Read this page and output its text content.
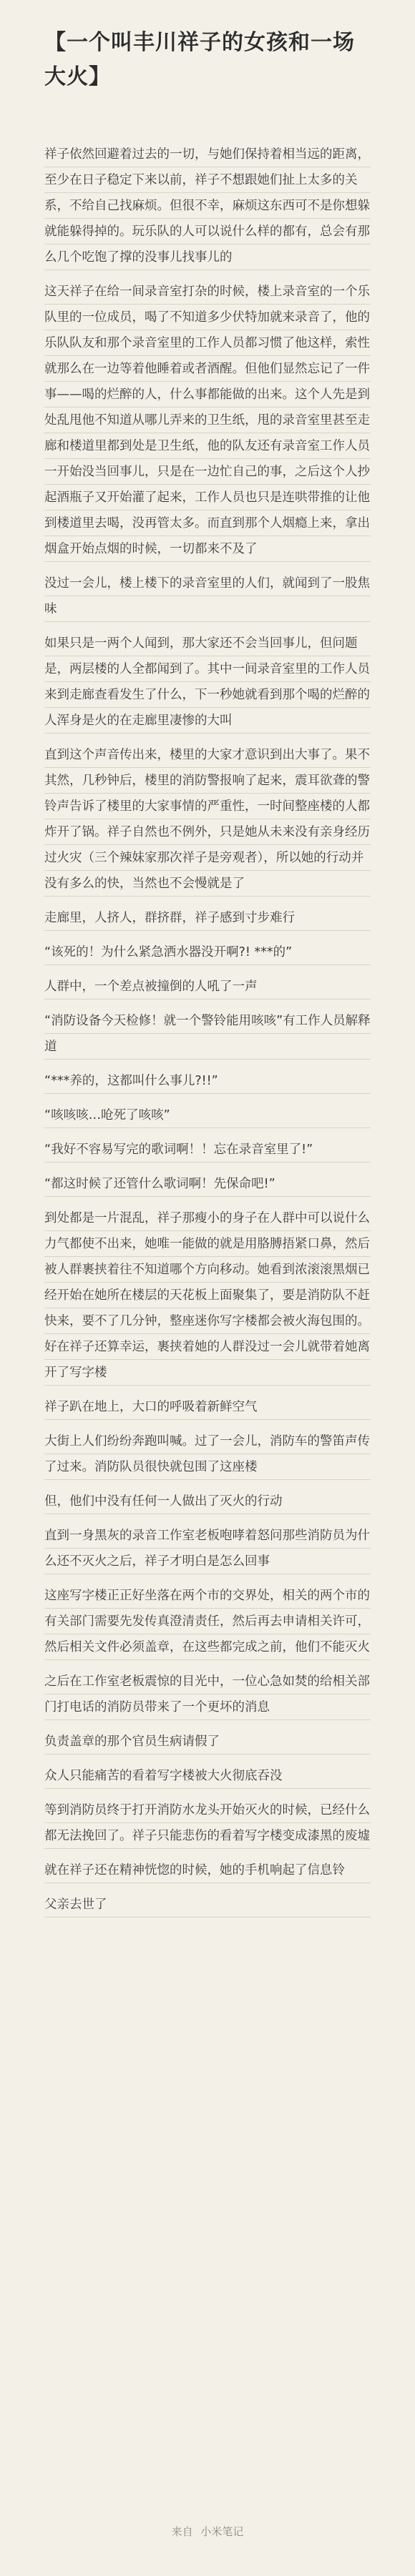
【一个叫丰川祥子的女孩和一场大火】

祥子依然回避着过去的一切，与她们保持着相当远的距离，至少在日子稳定下来以前，祥子不想跟她们扯上太多的关系，不给自己找麻烦。但很不幸，麻烦这东西可不是你想躲就能躲得掉的。玩乐队的人可以说什么样的都有，总会有那么几个吃饱了撑的没事儿找事儿的

这天祥子在给一间录音室打杂的时候，楼上录音室的一个乐队里的一位成员，喝了不知道多少伏特加就来录音了，他的乐队队友和那个录音室里的工作人员都习惯了他这样，索性就那么在一边等着他睡着或者酒醒。但他们显然忘记了一件事——喝的烂醉的人，什么事都能做的出来。这个人先是到处乱甩他不知道从哪儿弄来的卫生纸，甩的录音室里甚至走廊和楼道里都到处是卫生纸，他的队友还有录音室工作人员一开始没当回事儿，只是在一边忙自己的事，之后这个人抄起酒瓶子又开始灌了起来，工作人员也只是连哄带推的让他到楼道里去喝，没再管太多。而直到那个人烟瘾上来，拿出烟盒开始点烟的时候，一切都来不及了

没过一会儿，楼上楼下的录音室里的人们，就闻到了一股焦味

如果只是一两个人闻到，那大家还不会当回事儿，但问题是，两层楼的人全都闻到了。其中一间录音室里的工作人员来到走廊查看发生了什么，下一秒她就看到那个喝的烂醉的人浑身是火的在走廊里凄惨的大叫

直到这个声音传出来，楼里的大家才意识到出大事了。果不其然，几秒钟后，楼里的消防警报响了起来，震耳欲聋的警铃声告诉了楼里的大家事情的严重性，一时间整座楼的人都炸开了锅。祥子自然也不例外，只是她从未来没有亲身经历过火灾（三个辣妹家那次祥子是旁观者），所以她的行动并没有多么的快，当然也不会慢就是了

走廊里，人挤人，群挤群，祥子感到寸步难行

“该死的！为什么紧急洒水器没开啊?! ***的”

人群中，一个差点被撞倒的人吼了一声

“消防设备今天检修！就一个警铃能用咳咳”有工作人员解释道

“***养的，这都叫什么事儿?!!”

“咳咳咳…呛死了咳咳”

“我好不容易写完的歌词啊！！忘在录音室里了!”

“都这时候了还管什么歌词啊！先保命吧!”

到处都是一片混乱，祥子那瘦小的身子在人群中可以说什么力气都使不出来，她唯一能做的就是用胳膊捂紧口鼻，然后被人群裹挟着往不知道哪个方向移动。她看到浓滚滚黑烟已经开始在她所在楼层的天花板上面聚集了，要是消防队不赶快来，要不了几分钟，整座迷你写字楼都会被火海包围的。好在祥子还算幸运，裹挟着她的人群没过一会儿就带着她离开了写字楼

祥子趴在地上，大口的呼吸着新鲜空气

大街上人们纷纷奔跑叫喊。过了一会儿，消防车的警笛声传了过来。消防队员很快就包围了这座楼

但，他们中没有任何一人做出了灭火的行动

直到一身黑灰的录音工作室老板咆哮着怒问那些消防员为什么还不灭火之后，祥子才明白是怎么回事

这座写字楼正正好坐落在两个市的交界处，相关的两个市的有关部门需要先发传真澄清责任，然后再去申请相关许可，然后相关文件必须盖章，在这些都完成之前，他们不能灭火

之后在工作室老板震惊的目光中，一位心急如焚的给相关部门打电话的消防员带来了一个更坏的消息

负责盖章的那个官员生病请假了

众人只能痛苦的看着写字楼被大火彻底吞没

等到消防员终于打开消防水龙头开始灭火的时候，已经什么都无法挽回了。祥子只能悲伤的看着写字楼变成漆黑的废墟

就在祥子还在精神恍惚的时候，她的手机响起了信息铃

父亲去世了

来自 小米笔记
